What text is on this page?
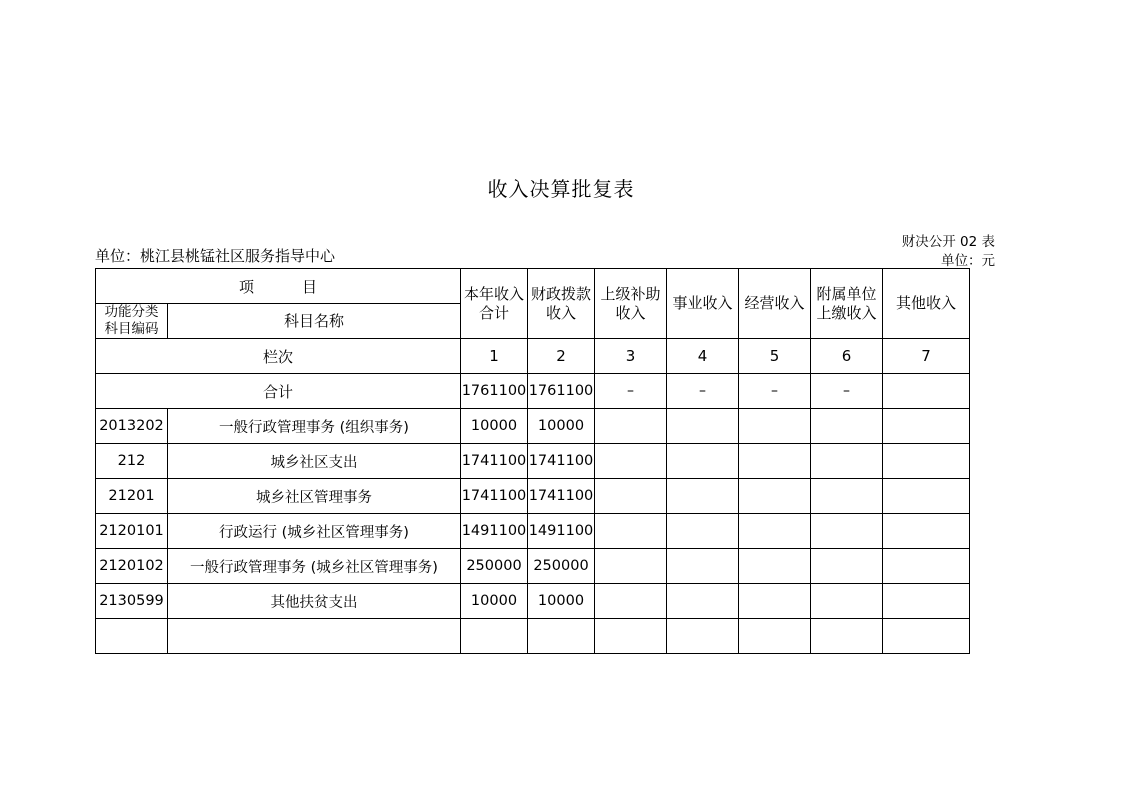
收入决算批复表
财决公开 02 表
单位：元
单位：桃江县桃锰社区服务指导中心
项　　目		本年收入合计	财政拨款收入	上级补助收入	事业收入	经营收入	附属单位上缴收入	其他收入

功能分类
科目编码	科目名称							
栏次		1	2	3	4	5	6	7
合计		1761100	1761100	–	–	–	–	
2013202	一般行政管理事务 (组织事务)	10000	10000					
212	城乡社区支出	1741100	1741100					
21201	城乡社区管理事务	1741100	1741100					
2120101	行政运行 (城乡社区管理事务)	1491100	1491100					
2120102	一般行政管理事务 (城乡社区管理事务)	250000	250000					
2130599	其他扶贫支出	10000	10000					
